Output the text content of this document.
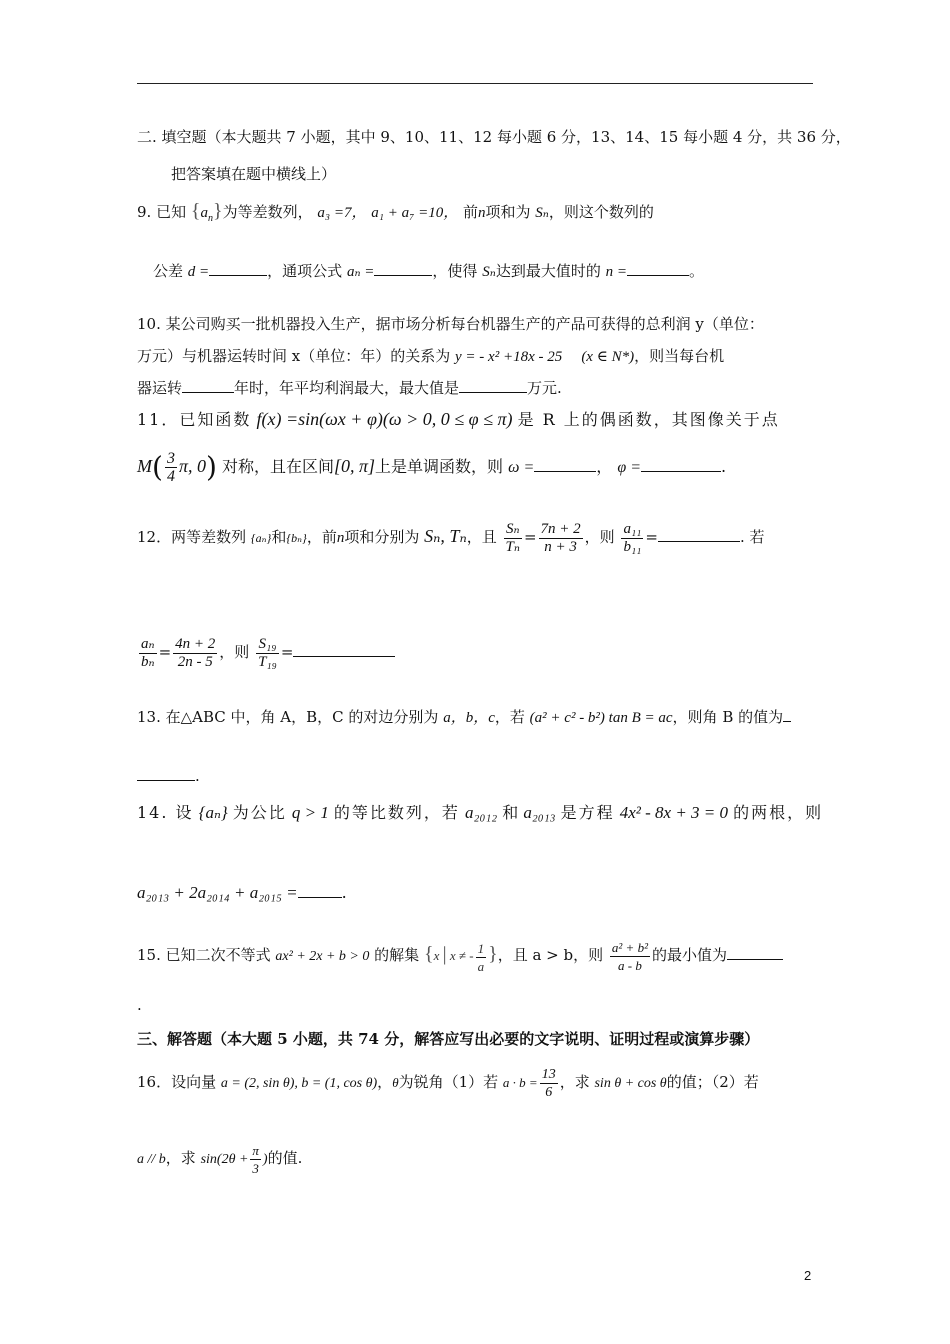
二. 填空题（本大题共 7 小题，其中 9、10、11、12 每小题 6 分，13、14、15 每小题 4 分，共 36 分，
把答案填在题中横线上）
9. 已知 $\{a_n\}$为等差数列， a₃ =7， a₁ + a₇ =10， 前n项和为 Sₙ，则这个数列的
公差 d =	，通项公式 aₙ =	，使得 Sₙ达到最大值时的 n =	。
10. 某公司购买一批机器投入生产，据市场分析每台机器生产的产品可获得的总利润 y（单位：
万元）与机器运转时间 x（单位：年）的关系为 y = - x² +18x - 25 (x ∈ N*)，则当每台机
器运转	年时，年平均利润最大，最大值是	万元.
11．已知函数 f(x) =sin(ωx + φ)(ω > 0, 0 ≤ φ ≤ π) 是 R 上的偶函数，其图像关于点
$M( \frac{3}{4} \pi$, 0) 对称，且在区间[0, π]上是单调函数，则 ω =	， φ =	.
12．两等差数列 {aₙ}和{bₙ}，前n项和分别为 Sₙ, Tₙ，且 $\frac{\text{Sₙ}}{\text{Tₙ}} = \frac{7n + 2}{n + 3}$ ，则 $\frac{\text{a₁₁}}{\text{b₁₁}}$ =	. 若
$\frac{\text{aₙ}}{\text{bₙ}} = \frac{4n + 2}{2n - 5}$ ，则 $\frac{\text{S₁₉}}{\text{T₁₉}}$ =
13. 在△ABC 中，角 A，B，C 的对边分别为 a，b，c，若 (a² + c² - b²) tan B = ac，则角 B 的值为
.
14. 设 {aₙ} 为公比 q > 1 的等比数列，若 a₂₀₁₂ 和 a₂₀₁₃ 是方程 4x² - 8x + 3 = 0 的两根，则
a₂₀₁₃ + 2a₂₀₁₄ + a₂₀₁₅ =	.
15. 已知二次不等式 ax² + 2x + b > 0 的解集 {x | x ≠ - $\frac{1}{a}$ }，且 a > b，则 $\frac{\text{a² + b²}}{a - b}$ 的最小值为
.
三、解答题（本大题 5 小题，共 74 分，解答应写出必要的文字说明、证明过程或演算步骤）
16．设向量 a = (2, sin θ), b = (1, cos θ)，θ为锐角（1）若 $a \cdot b = \frac{13}{6}$ ，求 sin θ + cos θ的值；（2）若
a // b，求 $\sin(2\theta + \frac{\pi}{3}$ )的值.
2
